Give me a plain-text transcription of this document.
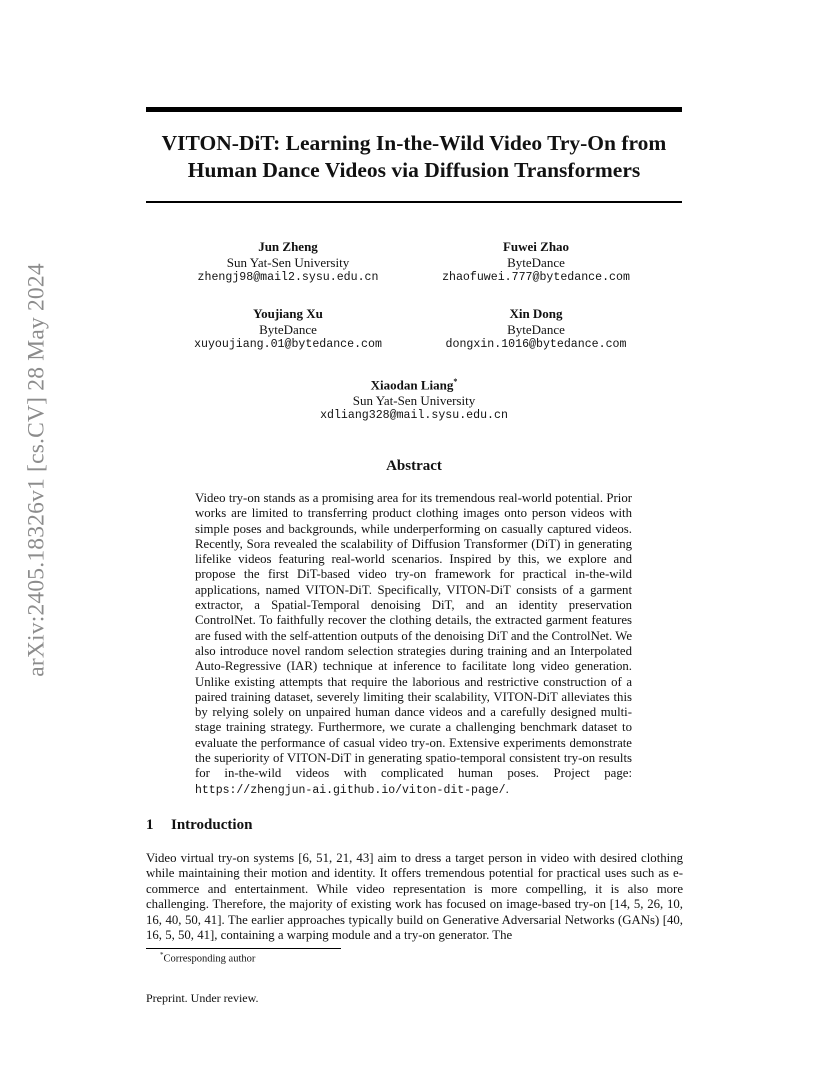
arXiv:2405.18326v1 [cs.CV] 28 May 2024
VITON-DiT: Learning In-the-Wild Video Try-On from
Human Dance Videos via Diffusion Transformers
Jun Zheng
Sun Yat-Sen University
zhengj98@mail2.sysu.edu.cn
Fuwei Zhao
ByteDance
zhaofuwei.777@bytedance.com
Youjiang Xu
ByteDance
xuyoujiang.01@bytedance.com
Xin Dong
ByteDance
dongxin.1016@bytedance.com
Xiaodan Liang*
Sun Yat-Sen University
xdliang328@mail.sysu.edu.cn
Abstract
Video try-on stands as a promising area for its tremendous real-world potential. Prior works are limited to transferring product clothing images onto person videos with simple poses and backgrounds, while underperforming on casually captured videos. Recently, Sora revealed the scalability of Diffusion Transformer (DiT) in generating lifelike videos featuring real-world scenarios. Inspired by this, we explore and propose the first DiT-based video try-on framework for practical in-the-wild applications, named VITON-DiT. Specifically, VITON-DiT consists of a garment extractor, a Spatial-Temporal denoising DiT, and an identity preservation ControlNet. To faithfully recover the clothing details, the extracted garment features are fused with the self-attention outputs of the denoising DiT and the ControlNet. We also introduce novel random selection strategies during training and an Interpolated Auto-Regressive (IAR) technique at inference to facilitate long video generation. Unlike existing attempts that require the laborious and restrictive construction of a paired training dataset, severely limiting their scalability, VITON-DiT alleviates this by relying solely on unpaired human dance videos and a carefully designed multi-stage training strategy. Furthermore, we curate a challenging benchmark dataset to evaluate the performance of casual video try-on. Extensive experiments demonstrate the superiority of VITON-DiT in generating spatio-temporal consistent try-on results for in-the-wild videos with complicated human poses. Project page: https://zhengjun-ai.github.io/viton-dit-page/.
1 Introduction
Video virtual try-on systems [6, 51, 21, 43] aim to dress a target person in video with desired clothing while maintaining their motion and identity. It offers tremendous potential for practical uses such as e-commerce and entertainment. While video representation is more compelling, it is also more challenging. Therefore, the majority of existing work has focused on image-based try-on [14, 5, 26, 10, 16, 40, 50, 41]. The earlier approaches typically build on Generative Adversarial Networks (GANs) [40, 16, 5, 50, 41], containing a warping module and a try-on generator. The
*Corresponding author
Preprint. Under review.
